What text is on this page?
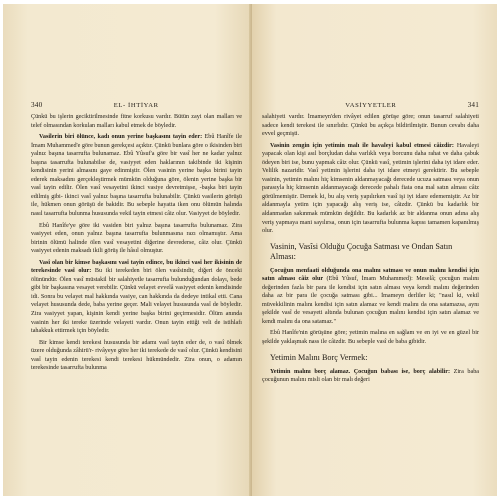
340	EL- İHTİYAR

Çünkü bu işlerin geciktirilmesinde fitne korkusu vardır. Bütün zayi olan malları ve telef olmasından korkulan malları kabul etmek de böyledir.

Vasilerin biri ölünce, kadı onun yerine başkasını tayin eder: Ebû Hanîfe ile İmam Muhammed'e göre bunun gerekçesi açıktır. Çünkü bunlara göre o ikisinden biri yalnız başına tasarrufta bulunamaz. Ebû Yûsuf'a göre bir vasî her ne kadar yalnız başına tasarrufta bulunabilse de, vasiyyet eden haklarının takibinde iki kişinin kendisinin yerini almasını gaye edinmiştir. Ölen vasinin yerine başka birini tayin ederek maksadını gerçekleştirmek mümkün olduğuna göre, ölenin yerine başka bir vasî tayin edilir. Ölen vasî vesayetini ikinci vasiye devretmişse, -başka biri tayin edilmiş gibi- ikinci vasî yalnız başına tasarrufta bulunabilir. Çünkü vasilerin görüşü ile, hükmen onun görüşü de bakidir. Bu sebeple hayatta iken onu ölümün halında nasıl tasarrufta bulunma hususunda vekil tayin etmesi câiz olur. Vasiyyet de böyledir.

Ebû Hanîfe'ye göre iki vasiden biri yalnız başına tasarrufta bulunamaz. Zira vasiyyet eden, onun yalnız başına tasarrufta bulunmasına razı olmamıştır. Ama birinin ölümü halinde ölen vasî vesayetini diğerine devrederse, câiz olur. Çünkü vasiyyet edenin maksadı ikili görüş ile hâsıl olmuştur.

Vasî olan bir kimse başkasını vasî tayin edince, bu ikinci vasî her ikisinin de terekesinde vasî olur: Bu iki terekeden biri ölen vasîsindir, diğeri de önceki ölünündür. Ölen vasî müstakil bir salahiyetle tasarrufta bulunduğundan dolayı, bede gibi bir başkasına vesayet verebilir. Çünkü velayet evvelâ vasiyyet edenin kendisinde idi. Sonra bu velayet mal hakkında vasiye, can hakkında da dedeye intikal etti. Cana velayet hususunda dede, baba yerine geçer. Mali velayet hususunda vasî de böyledir. Zira vasiyyet yapan, kişinin kendi yerine başka birini geçirmesidir. Ölüm anında vasinin her iki tereke üzerinde velayeti vardır. Onun tayin ettiği veli de istihlafı tahakkuk ettirmek için böyledir.

Bir kimse kendi terekesi hususunda bir adamı vasî tayin eder de, o vasî ölmek üzere olduğunda zâhirü'r- rivâyeye göre her iki terekede de vasî olur. Çünkü kendisini vasî tayin edenin terekesi kendi terekesi hükmündedir. Zira onun, o adamın terekesinde tasarrufta bulunma

VASİYYETLER	341

salahiyeti vardır. İmameyn'den rivâyet edilen görüşe göre; onun tasarruf salahiyeti sadece kendi terekesi ile sınırlıdır. Çünkü bu açıkça bildirilmiştir. Bunun cevabı daha evvel geçmişti.

Vasinin zengin için yetimin malı ile havaleyi kabul etmesi câizdir: Havaleyi yapacak olan kişi asıl borçludan daha varlıklı veya borcunu daha rahat ve daha çabuk ödeyen biri ise, bunu yapmak câiz olur. Çünkü vasî, yetimin işlerini daha iyi idare eder. Velilik nazaridir. Vasî yetimin işlerini daha iyi idare etmeyi gerektirir. Bu sebeple vasinin, yetimin malını hiç kimsenin aldanmayacağı derecede ucuza satması veya onun parasıyla hiç kimsenin aldanmayacağı derecede pahalı fiata ona mal satın alması câiz görülmemiştir. Demek ki, bu alış veriş yapılırken vasî işi iyi idare edememiştir. Az bir aldanmayla yetim için yapacağı alış veriş ise, câizdir. Çünkü bu kadarlık bir aldanmadan sakınmak mümkün değildir. Bu kadarlık az bir aldanma onun adına alış veriş yapmaya mani sayılırsa, onun için tasarrufta bulunma kapısı tamamen kapanılmış olur.

Vasinin, Vasîsi Olduğu Çocuğa Satması ve Ondan Satın Alması:

Çocuğun menfaati olduğunda ona malını satması ve onun malını kendisi için satın alması câiz olur (Ebû Yûsuf, İmam Muhammed): Meselâ; çocuğun malını değerinden fazla bir para ile kendisi için satın alması veya kendi malını değerinden daha az bir para ile çocuğa satması gibi... İmameyn derliler ki; "nasıl ki, vekil müvekkilinin malını kendisi için satın alamaz ve kendi malını da ona satamazsa, aynı şekilde vasî de vesayeti altında bulunan çocuğun malını kendisi için satın alamaz ve kendi malını da ona satamaz."

Ebû Hanîfe'nin görüşüne göre; yetimin malına en sağlam ve en iyi ve en güzel bir şekilde yaklaşmak nass ile câizdir. Bu sebeple vasî de baba gibidir.

Yetimin Malını Borç Vermek:

Yetimin malını borç alamaz. Çocuğun babası ise, borç alabilir: Zira baba çocuğunun malını misli olan bir malı değeri
